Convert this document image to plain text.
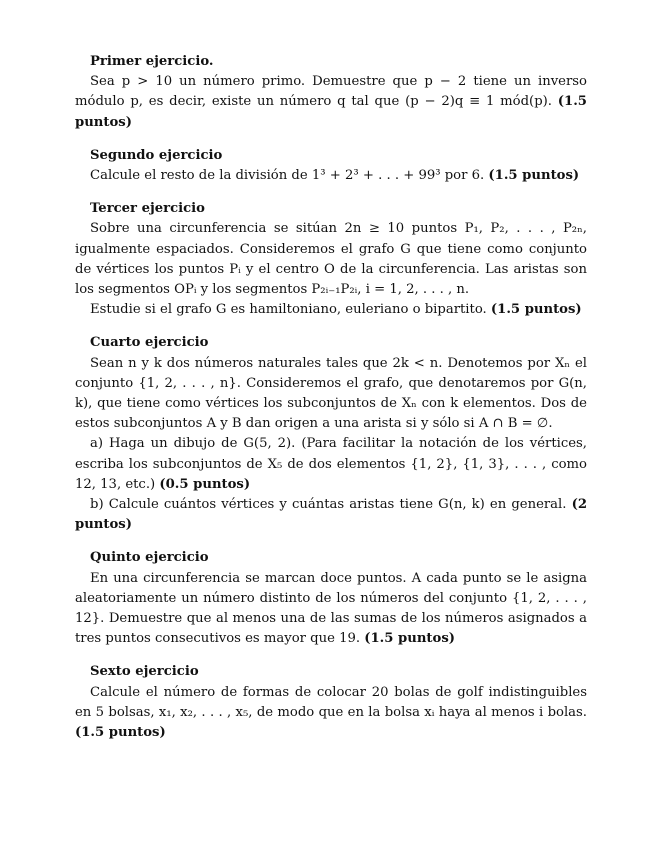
Primer ejercicio.

Sea p > 10 un número primo. Demuestre que p − 2 tiene un inverso módulo p, es decir, existe un número q tal que (p − 2)q ≡ 1 mód(p). (1.5 puntos)

Segundo ejercicio

Calcule el resto de la división de 1³ + 2³ + . . . + 99³ por 6. (1.5 puntos)

Tercer ejercicio

Sobre una circunferencia se sitúan 2n ≥ 10 puntos P₁, P₂, . . . , P₂ₙ, igualmente espaciados. Consideremos el grafo G que tiene como conjunto de vértices los puntos Pᵢ y el centro O de la circunferencia. Las aristas son los segmentos OPᵢ y los segmentos P₂ᵢ₋₁P₂ᵢ, i = 1, 2, . . . , n.

Estudie si el grafo G es hamiltoniano, euleriano o bipartito. (1.5 puntos)

Cuarto ejercicio

Sean n y k dos números naturales tales que 2k < n. Denotemos por Xₙ el conjunto {1, 2, . . . , n}. Consideremos el grafo, que denotaremos por G(n, k), que tiene como vértices los subconjuntos de Xₙ con k elementos. Dos de estos subconjuntos A y B dan origen a una arista si y sólo si A ∩ B = ∅.

a) Haga un dibujo de G(5, 2). (Para facilitar la notación de los vértices, escriba los subconjuntos de X₅ de dos elementos {1, 2}, {1, 3}, . . . , como 12, 13, etc.) (0.5 puntos)

b) Calcule cuántos vértices y cuántas aristas tiene G(n, k) en general. (2 puntos)

Quinto ejercicio

En una circunferencia se marcan doce puntos. A cada punto se le asigna aleatoriamente un número distinto de los números del conjunto {1, 2, . . . , 12}. Demuestre que al menos una de las sumas de los números asignados a tres puntos consecutivos es mayor que 19. (1.5 puntos)

Sexto ejercicio

Calcule el número de formas de colocar 20 bolas de golf indistinguibles en 5 bolsas, x₁, x₂, . . . , x₅, de modo que en la bolsa xᵢ haya al menos i bolas. (1.5 puntos)
